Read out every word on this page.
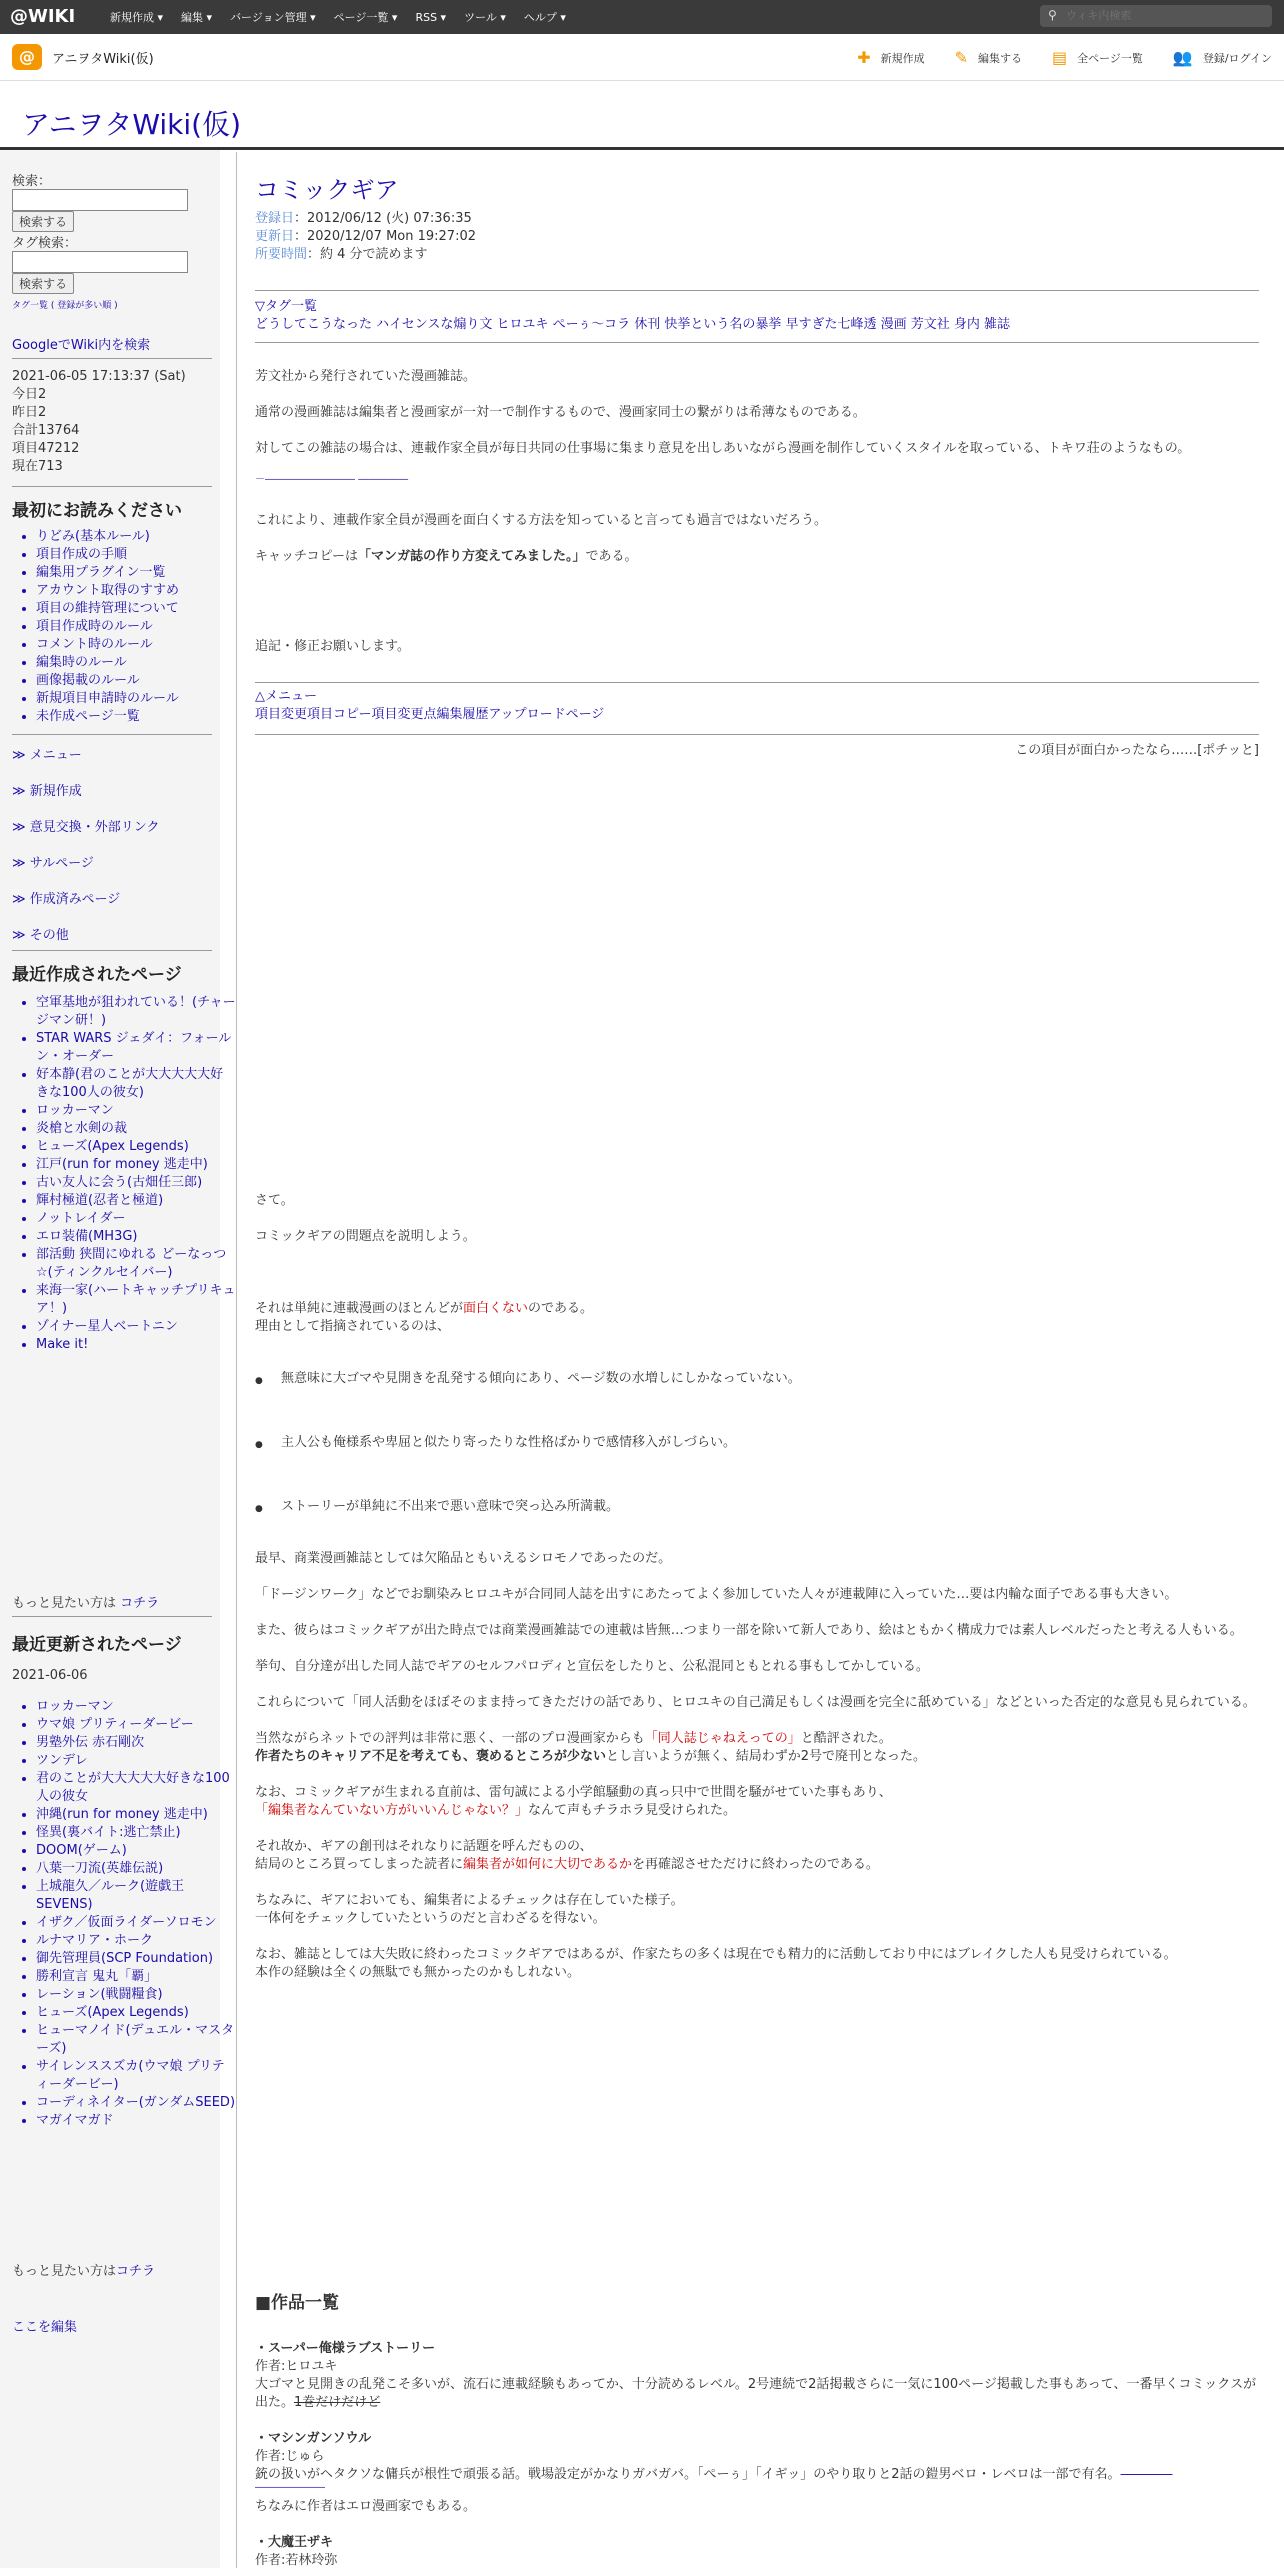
@WIKI	新規作成 ▾ 編集 ▾ バージョン管理 ▾ ページ一覧 ▾ RSS ▾ ツール ▾ ヘルプ ▾	⚲
ウィキ内検索
@	アニヲタWiki(仮)	✚ 新規作成 ✎ 編集する ▤ 全ページ一覧 👥 登録/ログイン
アニヲタWiki(仮)
検索：
検索する
タグ検索：
検索する
タグ一覧 ( 登録が多い順 )
GoogleでWiki内を検索
2021-06-05 17:13:37 (Sat)
今日2
昨日2
合計13764
項目47212
現在713
最初にお読みください
• りどみ(基本ルール)
• 項目作成の手順
• 編集用プラグイン一覧
• アカウント取得のすすめ
• 項目の維持管理について
• 項目作成時のルール
• コメント時のルール
• 編集時のルール
• 画像掲載のルール
• 新規項目申請時のルール
• 未作成ページ一覧
≫ メニュー
≫ 新規作成
≫ 意見交換・外部リンク
≫ サルページ
≫ 作成済みページ
≫ その他
最近作成されたページ
• 空軍基地が狙われている！(チャージマン研！)
• STAR WARS ジェダイ：フォールン・オーダー
• 好本静(君のことが大大大大大好きな100人の彼女)
• ロッカーマン
• 炎槍と水剣の裁
• ヒューズ(Apex Legends)
• 江戸(run for money 逃走中)
• 古い友人に会う(古畑任三郎)
• 輝村極道(忍者と極道)
• ノットレイダー
• エロ装備(MH3G)
• 部活動 狭間にゆれる どーなっつ☆(ティンクルセイバー)
• 来海一家(ハートキャッチプリキュア！)
• ゾイナー星人ベートニン
• Make it!
もっと見たい方は コチラ
最近更新されたページ
2021-06-06
• ロッカーマン
• ウマ娘 プリティーダービー
• 男塾外伝 赤石剛次
• ツンデレ
• 君のことが大大大大大好きな100人の彼女
• 沖縄(run for money 逃走中)
• 怪異(裏バイト:逃亡禁止)
• DOOM(ゲーム)
• 八葉一刀流(英雄伝説)
• 上城龍久／ルーク(遊戯王SEVENS)
• イザク／仮面ライダーソロモン
• ルナマリア・ホーク
• 御先管理員(SCP Foundation)
• 勝利宣言 鬼丸「覇」
• レーション(戦闘糧食)
• ヒューズ(Apex Legends)
• ヒューマノイド(デュエル・マスターズ)
• サイレンススズカ(ウマ娘 プリティーダービー)
• コーディネイター(ガンダムSEED)
• マガイマガド
もっと見たい方はコチラ
ここを編集
コミックギア
登録日：2012/06/12 (火) 07:36:35
更新日：2020/12/07 Mon 19:27:02
所要時間：約 4 分で読めます
▽タグ一覧
どうしてこうなった ハイセンスな煽り文 ヒロユキ ぺーぅ～コラ 休刊 快挙という名の暴挙 早すぎた七峰透 漫画 芳文社 身内 雑誌
芳文社から発行されていた漫画雑誌。
通常の漫画雑誌は編集者と漫画家が一対一で制作するもので、漫画家同士の繋がりは希薄なものである。
対してこの雑誌の場合は、連載作家全員が毎日共同の仕事場に集まり意見を出しあいながら漫画を制作していくスタイルを取っている、トキワ荘のようなもの。
－――――――――― ―――――
これにより、連載作家全員が漫画を面白くする方法を知っていると言っても過言ではないだろう。
キャッチコピーは「マンガ誌の作り方変えてみました。」である。
追記・修正お願いします。
△メニュー
項目変更項目コピー項目変更点編集履歴アップロードページ
この項目が面白かったなら……[ポチッと]
さて。
コミックギアの問題点を説明しよう。
それは単純に連載漫画のほとんどが面白くないのである。
理由として指摘されているのは、
● 無意味に大ゴマや見開きを乱発する傾向にあり、ページ数の水増しにしかなっていない。
● 主人公も俺様系や卑屈と似たり寄ったりな性格ばかりで感情移入がしづらい。
● ストーリーが単純に不出来で悪い意味で突っ込み所満載。
最早、商業漫画雑誌としては欠陥品ともいえるシロモノであったのだ。
「ドージンワーク」などでお馴染みヒロユキが合同同人誌を出すにあたってよく参加していた人々が連載陣に入っていた…要は内輪な面子である事も大きい。
また、彼らはコミックギアが出た時点では商業漫画雑誌での連載は皆無…つまり一部を除いて新人であり、絵はともかく構成力では素人レベルだったと考える人もいる。
挙句、自分達が出した同人誌でギアのセルフパロディと宣伝をしたりと、公私混同ともとれる事もしてかしている。
これらについて「同人活動をほぼそのまま持ってきただけの話であり、ヒロユキの自己満足もしくは漫画を完全に舐めている」などといった否定的な意見も見られている。
当然ながらネットでの評判は非常に悪く、一部のプロ漫画家からも「同人誌じゃねえっての」と酷評された。
作者たちのキャリア不足を考えても、褒めるところが少ないとし言いようが無く、結局わずか2号で廃刊となった。
なお、コミックギアが生まれる直前は、雷句誠による小学館騒動の真っ只中で世間を騒がせていた事もあり、
「編集者なんていない方がいいんじゃない？」なんて声もチラホラ見受けられた。
それ故か、ギアの創刊はそれなりに話題を呼んだものの、
結局のところ買ってしまった読者に編集者が如何に大切であるかを再確認させただけに終わったのである。
ちなみに、ギアにおいても、編集者によるチェックは存在していた様子。
一体何をチェックしていたというのだと言わざるを得ない。
なお、雑誌としては大失敗に終わったコミックギアではあるが、作家たちの多くは現在でも精力的に活動しており中にはブレイクした人も見受けられている。
本作の経験は全くの無駄でも無かったのかもしれない。
■作品一覧
・スーパー俺様ラブストーリー
作者:ヒロユキ
大ゴマと見開きの乱発こそ多いが、流石に連載経験もあってか、十分読めるレベル。2号連続で2話掲載さらに一気に100ページ掲載した事もあって、一番早くコミックスが出た。1巻だけだけど
・マシンガンソウル
作者:じゅら
銃の扱いがヘタクソな傭兵が根性で頑張る話。戦場設定がかなりガバガバ。「ぺーぅ」「イギッ」のやり取りと2話の鎧男ベロ・レベロは一部で有名。――――
―――――――
ちなみに作者はエロ漫画家でもある。
・大魔王ザキ
作者:若林玲弥
